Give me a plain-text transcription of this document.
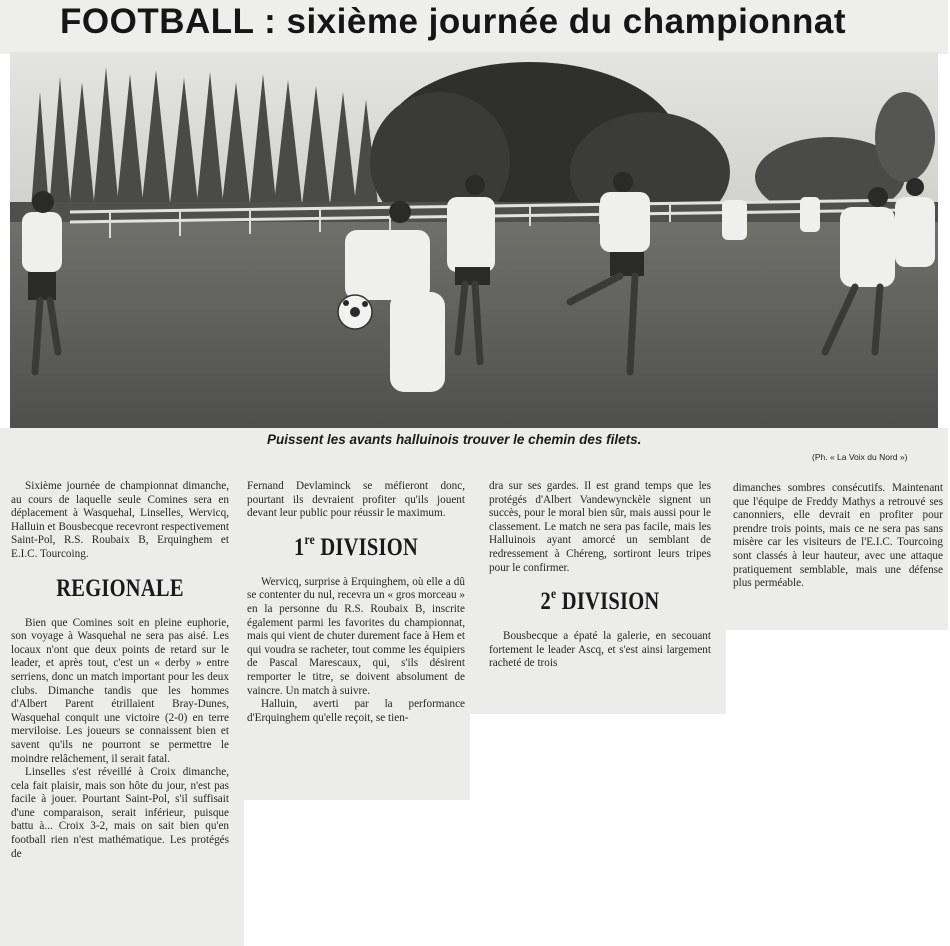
FOOTBALL : sixième journée du championnat
Puissent les avants halluinois trouver le chemin des filets.
(Ph. « La Voix du Nord »)

Sixième journée de championnat dimanche, au cours de laquelle seule Comines sera en déplacement à Wasquehal, Linselles, Wervicq, Halluin et Bousbecque recevront respectivement Saint-Pol, R.S. Roubaix B, Erquinghem et E.I.C. Tourcoing.

REGIONALE

Bien que Comines soit en pleine euphorie, son voyage à Wasquehal ne sera pas aisé. Les locaux n'ont que deux points de retard sur le leader, et après tout, c'est un « derby » entre serriens, donc un match important pour les deux clubs. Dimanche tandis que les hommes d'Albert Parent étrillaient Bray-Dunes, Wasquehal conquit une victoire (2-0) en terre merviloise. Les joueurs se connaissent bien et savent qu'ils ne pourront se permettre le moindre relâchement, il serait fatal.

Linselles s'est réveillé à Croix dimanche, cela fait plaisir, mais son hôte du jour, n'est pas facile à jouer. Pourtant Saint-Pol, s'il suffisait d'une comparaison, serait inférieur, puisque battu à... Croix 3-2, mais on sait bien qu'en football rien n'est mathématique. Les protégés de

Fernand Devlaminck se méfieront donc, pourtant ils devraient profiter qu'ils jouent devant leur public pour réussir le maximum.

1re DIVISION

Wervicq, surprise à Erquinghem, où elle a dû se contenter du nul, recevra un « gros morceau » en la personne du R.S. Roubaix B, inscrite également parmi les favorites du championnat, mais qui vient de chuter durement face à Hem et qui voudra se racheter, tout comme les équipiers de Pascal Marescaux, qui, s'ils désirent remporter le titre, se doivent absolument de vaincre. Un match à suivre.

Halluin, averti par la performance d'Erquinghem qu'elle reçoit, se tien-

dra sur ses gardes. Il est grand temps que les protégés d'Albert Vandewynckèle signent un succès, pour le moral bien sûr, mais aussi pour le classement. Le match ne sera pas facile, mais les Halluinois ayant amorcé un semblant de redressement à Chéreng, sortiront leurs tripes pour le confirmer.

2e DIVISION

Bousbecque a épaté la galerie, en secouant fortement le leader Ascq, et s'est ainsi largement racheté de trois

dimanches sombres consécutifs. Maintenant que l'équipe de Freddy Mathys a retrouvé ses canonniers, elle devrait en profiter pour prendre trois points, mais ce ne sera pas sans misère car les visiteurs de l'E.I.C. Tourcoing sont classés à leur hauteur, avec une attaque pratiquement semblable, mais une défense plus perméable.
